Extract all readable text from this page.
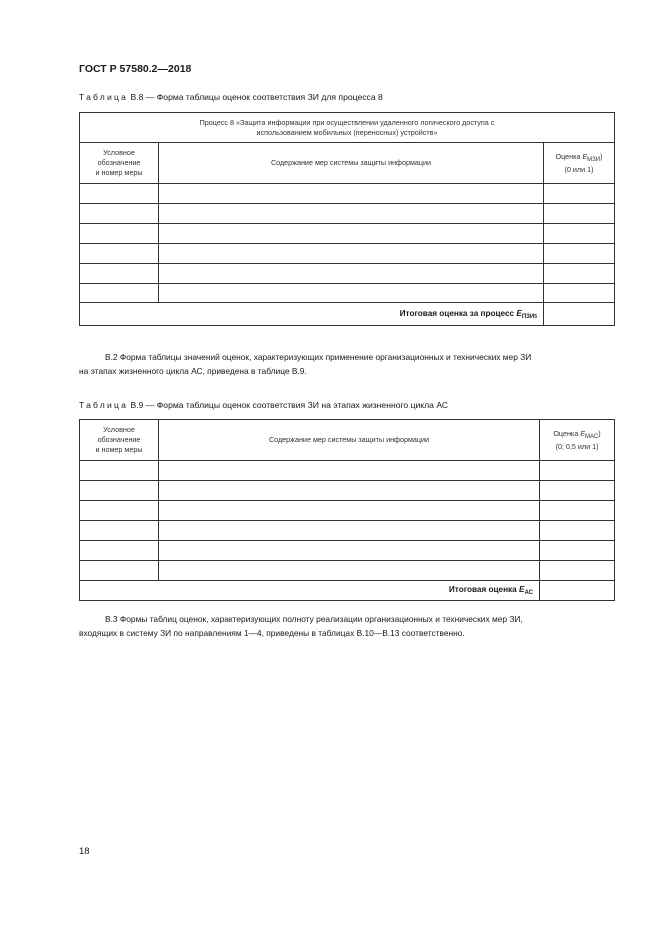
ГОСТ Р 57580.2—2018
Таблица В.8 — Форма таблицы оценок соответствия ЗИ для процесса 8
Процесс 8 «Защита информации при осуществлении удаленного логического доступа с
использованием мобильных (переносных) устройств»		
Условное
обозначение
и номер меры	Содержание мер системы защиты информации	Оценка $E_{МЗИ}$)
(0 или 1)

Итоговая оценка за процесс $E_{ПЗИ5}$	
В.2 Форма таблицы значений оценок, характеризующих применение организационных и технических мер ЗИ
на этапах жизненного цикла АС, приведена в таблице В.9.
Таблица В.9 — Форма таблицы оценок соответствия ЗИ на этапах жизненного цикла АС
Условное
обозначение
и номер меры	Содержание мер системы защиты информации	Оценка $E_{МАС}$)
(0; 0,5 или 1)

Итоговая оценка $E_{АС}$	
В.3 Формы таблиц оценок, характеризующих полноту реализации организационных и технических мер ЗИ,
входящих в систему ЗИ по направлениям 1—4, приведены в таблицах В.10—В.13 соответственно.
18
